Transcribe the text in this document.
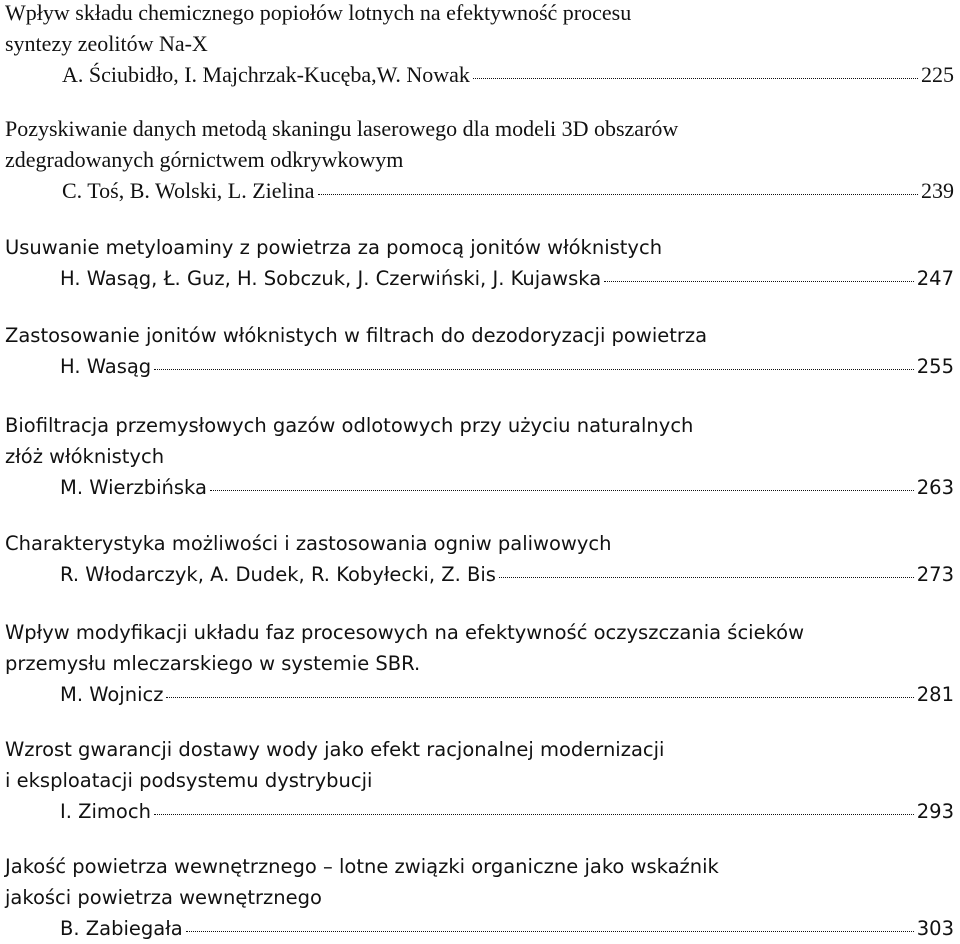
Wpływ składu chemicznego popiołów lotnych na efektywność procesu
syntezy zeolitów Na-X
A. Ściubidło, I. Majchrzak-Kucęba,W. Nowak	225
Pozyskiwanie danych metodą skaningu laserowego dla modeli 3D obszarów
zdegradowanych górnictwem odkrywkowym
C. Toś, B. Wolski, L. Zielina	239
Usuwanie metyloaminy z powietrza za pomocą jonitów włóknistych
H. Wasąg, Ł. Guz, H. Sobczuk, J. Czerwiński, J. Kujawska	247
Zastosowanie jonitów włóknistych w filtrach do dezodoryzacji powietrza
H. Wasąg	255
Biofiltracja przemysłowych gazów odlotowych przy użyciu naturalnych
złóż włóknistych
M. Wierzbińska	263
Charakterystyka możliwości i zastosowania ogniw paliwowych
R. Włodarczyk, A. Dudek, R. Kobyłecki, Z. Bis	273
Wpływ modyfikacji układu faz procesowych na efektywność oczyszczania ścieków
przemysłu mleczarskiego w systemie SBR.
M. Wojnicz	281
Wzrost gwarancji dostawy wody jako efekt racjonalnej modernizacji
i eksploatacji podsystemu dystrybucji
I. Zimoch	293
Jakość powietrza wewnętrznego – lotne związki organiczne jako wskaźnik
jakości powietrza wewnętrznego
B. Zabiegała	303
